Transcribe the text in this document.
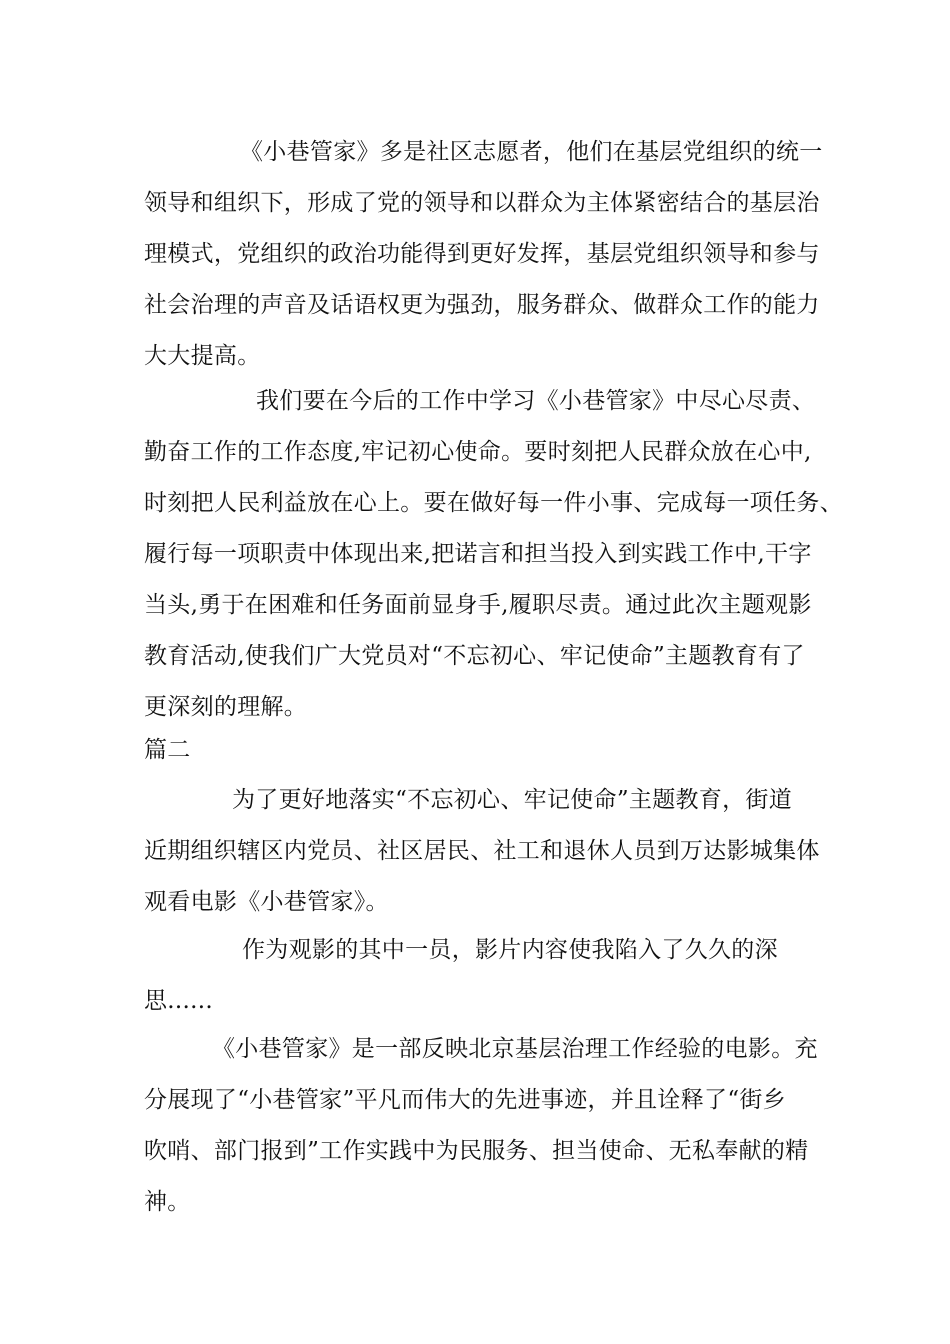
《小巷管家》多是社区志愿者，他们在基层党组织的统一
领导和组织下，形成了党的领导和以群众为主体紧密结合的基层治
理模式，党组织的政治功能得到更好发挥，基层党组织领导和参与
社会治理的声音及话语权更为强劲，服务群众、做群众工作的能力
大大提高。
我们要在今后的工作中学习《小巷管家》中尽心尽责、
勤奋工作的工作态度,牢记初心使命。要时刻把人民群众放在心中,
时刻把人民利益放在心上。要在做好每一件小事、完成每一项任务、
履行每一项职责中体现出来,把诺言和担当投入到实践工作中,干字
当头,勇于在困难和任务面前显身手,履职尽责。通过此次主题观影
教育活动,使我们广大党员对“不忘初心、牢记使命”主题教育有了
更深刻的理解。
篇二
为了更好地落实“不忘初心、牢记使命”主题教育，街道
近期组织辖区内党员、社区居民、社工和退休人员到万达影城集体
观看电影《小巷管家》。
作为观影的其中一员，影片内容使我陷入了久久的深
思......
《小巷管家》是一部反映北京基层治理工作经验的电影。充
分展现了“小巷管家”平凡而伟大的先进事迹，并且诠释了“街乡
吹哨、部门报到”工作实践中为民服务、担当使命、无私奉献的精
神。
